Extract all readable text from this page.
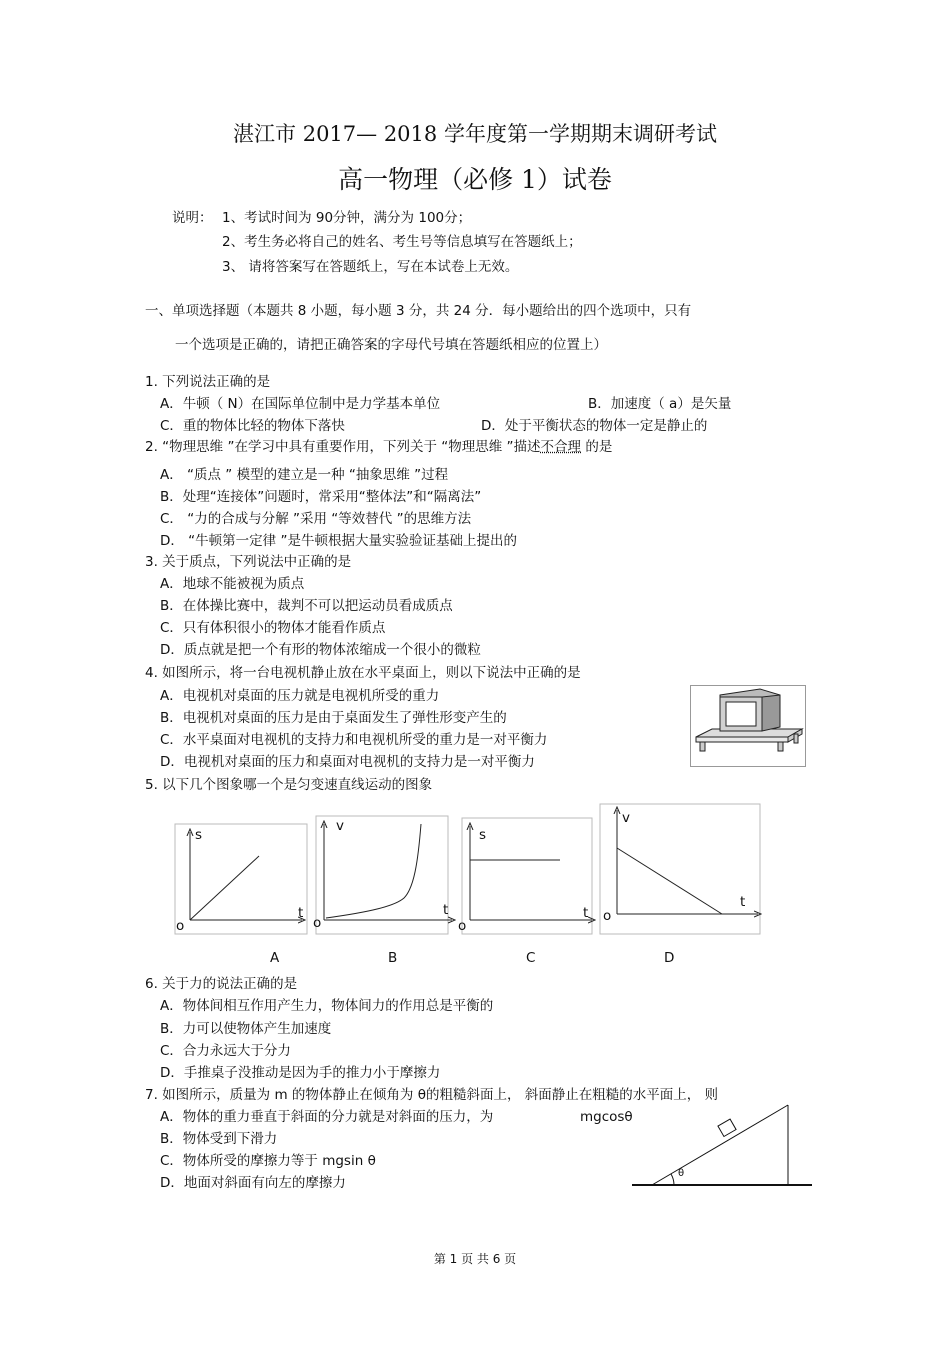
湛江市 2017— 2018 学年度第一学期期末调研考试
高一物理（必修 1）试卷
说明： 1、考试时间为 90分钟，满分为 100分；
2、考生务必将自己的姓名、考生号等信息填写在答题纸上；
3、 请将答案写在答题纸上，写在本试卷上无效。
一、单项选择题（本题共 8 小题，每小题 3 分，共 24 分．每小题给出的四个选项中，只有
一个选项是正确的，请把正确答案的字母代号填在答题纸相应的位置上）
1. 下列说法正确的是
A．牛顿（ N）在国际单位制中是力学基本单位	B．加速度（ a）是矢量
C．重的物体比轻的物体下落快	D．处于平衡状态的物体一定是静止的
2. “物理思维 ”在学习中具有重要作用，下列关于 “物理思维 ”描述不合理 的是
A． “质点 ” 模型的建立是一种 “抽象思维 ”过程
B．处理“连接体”问题时，常采用“整体法”和“隔离法”
C． “力的合成与分解 ”采用 “等效替代 ”的思维方法
D． “牛顿第一定律 ”是牛顿根据大量实验验证基础上提出的
3. 关于质点，下列说法中正确的是
A．地球不能被视为质点
B．在体操比赛中，裁判不可以把运动员看成质点
C．只有体积很小的物体才能看作质点
D．质点就是把一个有形的物体浓缩成一个很小的微粒
4. 如图所示，将一台电视机静止放在水平桌面上，则以下说法中正确的是
A．电视机对桌面的压力就是电视机所受的重力
B．电视机对桌面的压力是由于桌面发生了弹性形变产生的
C．水平桌面对电视机的支持力和电视机所受的重力是一对平衡力
D．电视机对桌面的压力和桌面对电视机的支持力是一对平衡力
5. 以下几个图象哪一个是匀变速直线运动的图象
s
t
o
v
t
o
s
t
o
v
t
o
A	B	C	D
6. 关于力的说法正确的是
A．物体间相互作用产生力，物体间力的作用总是平衡的
B．力可以使物体产生加速度
C．合力永远大于分力
D．手推桌子没推动是因为手的推力小于摩擦力
7. 如图所示，质量为 m 的物体静止在倾角为 θ的粗糙斜面上， 斜面静止在粗糙的水平面上， 则
A．物体的重力垂直于斜面的分力就是对斜面的压力，为	mgcosθ
B．物体受到下滑力
C．物体所受的摩擦力等于 mgsin θ
D．地面对斜面有向左的摩擦力
θ
第 1 页 共 6 页
